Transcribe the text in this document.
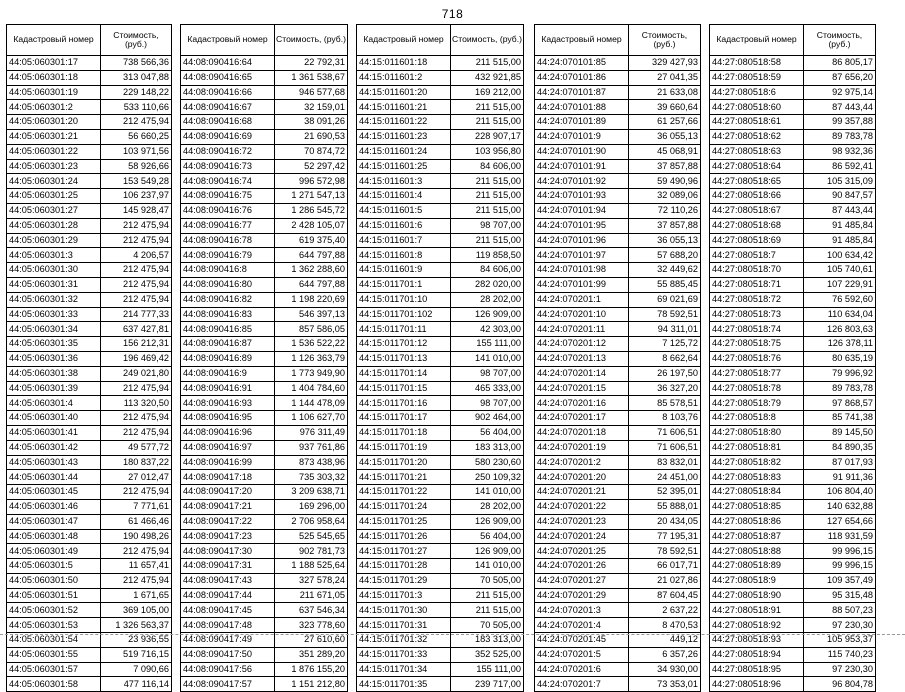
718
Кадастровый номер	Стоимость, (руб.)
44:05:060301:17	738 566,36
44:05:060301:18	313 047,88
44:05:060301:19	229 148,22
44:05:060301:2	533 110,66
44:05:060301:20	212 475,94
44:05:060301:21	56 660,25
44:05:060301:22	103 971,56
44:05:060301:23	58 926,66
44:05:060301:24	153 549,28
44:05:060301:25	106 237,97
44:05:060301:27	145 928,47
44:05:060301:28	212 475,94
44:05:060301:29	212 475,94
44:05:060301:3	4 206,57
44:05:060301:30	212 475,94
44:05:060301:31	212 475,94
44:05:060301:32	212 475,94
44:05:060301:33	214 777,33
44:05:060301:34	637 427,81
44:05:060301:35	156 212,31
44:05:060301:36	196 469,42
44:05:060301:38	249 021,80
44:05:060301:39	212 475,94
44:05:060301:4	113 320,50
44:05:060301:40	212 475,94
44:05:060301:41	212 475,94
44:05:060301:42	49 577,72
44:05:060301:43	180 837,22
44:05:060301:44	27 012,47
44:05:060301:45	212 475,94
44:05:060301:46	7 771,61
44:05:060301:47	61 466,46
44:05:060301:48	190 498,26
44:05:060301:49	212 475,94
44:05:060301:5	11 657,41
44:05:060301:50	212 475,94
44:05:060301:51	1 671,65
44:05:060301:52	369 105,00
44:05:060301:53	1 326 563,37
44:05:060301:54	23 936,55
44:05:060301:55	519 716,15
44:05:060301:57	7 090,66
44:05:060301:58	477 116,14
Кадастровый номер	Стоимость, (руб.)
44:08:090416:64	22 792,31
44:08:090416:65	1 361 538,67
44:08:090416:66	946 577,68
44:08:090416:67	32 159,01
44:08:090416:68	38 091,26
44:08:090416:69	21 690,53
44:08:090416:72	70 874,72
44:08:090416:73	52 297,42
44:08:090416:74	996 572,98
44:08:090416:75	1 271 547,13
44:08:090416:76	1 286 545,72
44:08:090416:77	2 428 105,07
44:08:090416:78	619 375,40
44:08:090416:79	644 797,88
44:08:090416:8	1 362 288,60
44:08:090416:80	644 797,88
44:08:090416:82	1 198 220,69
44:08:090416:83	546 397,13
44:08:090416:85	857 586,05
44:08:090416:87	1 536 522,22
44:08:090416:89	1 126 363,79
44:08:090416:9	1 773 949,90
44:08:090416:91	1 404 784,60
44:08:090416:93	1 144 478,09
44:08:090416:95	1 106 627,70
44:08:090416:96	976 311,49
44:08:090416:97	937 761,86
44:08:090416:99	873 438,96
44:08:090417:18	735 303,32
44:08:090417:20	3 209 638,71
44:08:090417:21	169 296,00
44:08:090417:22	2 706 958,64
44:08:090417:23	525 545,65
44:08:090417:30	902 781,73
44:08:090417:31	1 188 525,64
44:08:090417:43	327 578,24
44:08:090417:44	211 671,05
44:08:090417:45	637 546,34
44:08:090417:48	323 778,60
44:08:090417:49	27 610,60
44:08:090417:50	351 289,20
44:08:090417:56	1 876 155,20
44:08:090417:57	1 151 212,80
Кадастровый номер	Стоимость, (руб.)
44:15:011601:18	211 515,00
44:15:011601:2	432 921,85
44:15:011601:20	169 212,00
44:15:011601:21	211 515,00
44:15:011601:22	211 515,00
44:15:011601:23	228 907,17
44:15:011601:24	103 956,80
44:15:011601:25	84 606,00
44:15:011601:3	211 515,00
44:15:011601:4	211 515,00
44:15:011601:5	211 515,00
44:15:011601:6	98 707,00
44:15:011601:7	211 515,00
44:15:011601:8	119 858,50
44:15:011601:9	84 606,00
44:15:011701:1	282 020,00
44:15:011701:10	28 202,00
44:15:011701:102	126 909,00
44:15:011701:11	42 303,00
44:15:011701:12	155 111,00
44:15:011701:13	141 010,00
44:15:011701:14	98 707,00
44:15:011701:15	465 333,00
44:15:011701:16	98 707,00
44:15:011701:17	902 464,00
44:15:011701:18	56 404,00
44:15:011701:19	183 313,00
44:15:011701:20	580 230,60
44:15:011701:21	250 109,32
44:15:011701:22	141 010,00
44:15:011701:24	28 202,00
44:15:011701:25	126 909,00
44:15:011701:26	56 404,00
44:15:011701:27	126 909,00
44:15:011701:28	141 010,00
44:15:011701:29	70 505,00
44:15:011701:3	211 515,00
44:15:011701:30	211 515,00
44:15:011701:31	70 505,00
44:15:011701:32	183 313,00
44:15:011701:33	352 525,00
44:15:011701:34	155 111,00
44:15:011701:35	239 717,00
Кадастровый номер	Стоимость, (руб.)
44:24:070101:85	329 427,93
44:24:070101:86	27 041,35
44:24:070101:87	21 633,08
44:24:070101:88	39 660,64
44:24:070101:89	61 257,66
44:24:070101:9	36 055,13
44:24:070101:90	45 068,91
44:24:070101:91	37 857,88
44:24:070101:92	59 490,96
44:24:070101:93	32 089,06
44:24:070101:94	72 110,26
44:24:070101:95	37 857,88
44:24:070101:96	36 055,13
44:24:070101:97	57 688,20
44:24:070101:98	32 449,62
44:24:070101:99	55 885,45
44:24:070201:1	69 021,69
44:24:070201:10	78 592,51
44:24:070201:11	94 311,01
44:24:070201:12	7 125,72
44:24:070201:13	8 662,64
44:24:070201:14	26 197,50
44:24:070201:15	36 327,20
44:24:070201:16	85 578,51
44:24:070201:17	8 103,76
44:24:070201:18	71 606,51
44:24:070201:19	71 606,51
44:24:070201:2	83 832,01
44:24:070201:20	24 451,00
44:24:070201:21	52 395,01
44:24:070201:22	55 888,01
44:24:070201:23	20 434,05
44:24:070201:24	77 195,31
44:24:070201:25	78 592,51
44:24:070201:26	66 017,71
44:24:070201:27	21 027,86
44:24:070201:29	87 604,45
44:24:070201:3	2 637,22
44:24:070201:4	8 470,53
44:24:070201:45	449,12
44:24:070201:5	6 357,26
44:24:070201:6	34 930,00
44:24:070201:7	73 353,01
Кадастровый номер	Стоимость, (руб.)
44:27:080518:58	86 805,17
44:27:080518:59	87 656,20
44:27:080518:6	92 975,14
44:27:080518:60	87 443,44
44:27:080518:61	99 357,88
44:27:080518:62	89 783,78
44:27:080518:63	98 932,36
44:27:080518:64	86 592,41
44:27:080518:65	105 315,09
44:27:080518:66	90 847,57
44:27:080518:67	87 443,44
44:27:080518:68	91 485,84
44:27:080518:69	91 485,84
44:27:080518:7	100 634,42
44:27:080518:70	105 740,61
44:27:080518:71	107 229,91
44:27:080518:72	76 592,60
44:27:080518:73	110 634,04
44:27:080518:74	126 803,63
44:27:080518:75	126 378,11
44:27:080518:76	80 635,19
44:27:080518:77	79 996,92
44:27:080518:78	89 783,78
44:27:080518:79	97 868,57
44:27:080518:8	85 741,38
44:27:080518:80	89 145,50
44:27:080518:81	84 890,35
44:27:080518:82	87 017,93
44:27:080518:83	91 911,36
44:27:080518:84	106 804,40
44:27:080518:85	140 632,88
44:27:080518:86	127 654,66
44:27:080518:87	118 931,59
44:27:080518:88	99 996,15
44:27:080518:89	99 996,15
44:27:080518:9	109 357,49
44:27:080518:90	95 315,48
44:27:080518:91	88 507,23
44:27:080518:92	97 230,30
44:27:080518:93	105 953,37
44:27:080518:94	115 740,23
44:27:080518:95	97 230,30
44:27:080518:96	96 804,78
